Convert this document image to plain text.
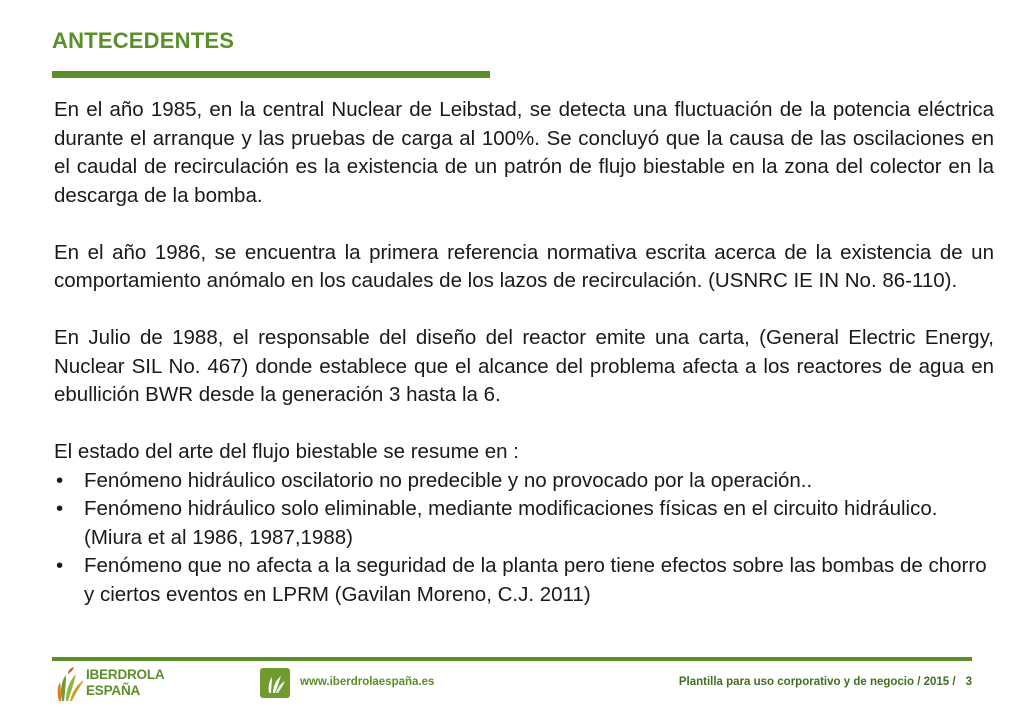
ANTECEDENTES

En el año 1985, en la central Nuclear de Leibstad, se detecta una fluctuación de la potencia eléctrica durante el arranque y las pruebas de carga al 100%. Se concluyó que la causa de las oscilaciones en el caudal de recirculación es la existencia de un patrón de flujo biestable en la zona del colector en la descarga de la bomba.

En el año 1986, se encuentra la primera referencia normativa escrita acerca de la existencia de un comportamiento anómalo en los caudales de los lazos de recirculación. (USNRC IE IN No. 86-110).

En Julio de 1988, el responsable del diseño del reactor emite una carta, (General Electric Energy, Nuclear SIL No. 467) donde establece que el alcance del problema afecta a los reactores de agua en ebullición BWR desde la generación 3 hasta la 6.

El estado del arte del flujo biestable se resume en :

• Fenómeno hidráulico oscilatorio no predecible y no provocado por la operación..
• Fenómeno hidráulico solo eliminable, mediante modificaciones físicas en el circuito hidráulico. (Miura et al 1986, 1987,1988)
• Fenómeno que no afecta a la seguridad de la planta pero tiene efectos sobre las bombas de chorro y ciertos eventos en LPRM (Gavilan Moreno, C.J. 2011)
IBERDROLA
ESPAÑA
www.iberdrolaespaña.es	Plantilla para uso corporativo y de negocio / 2015 / 3
